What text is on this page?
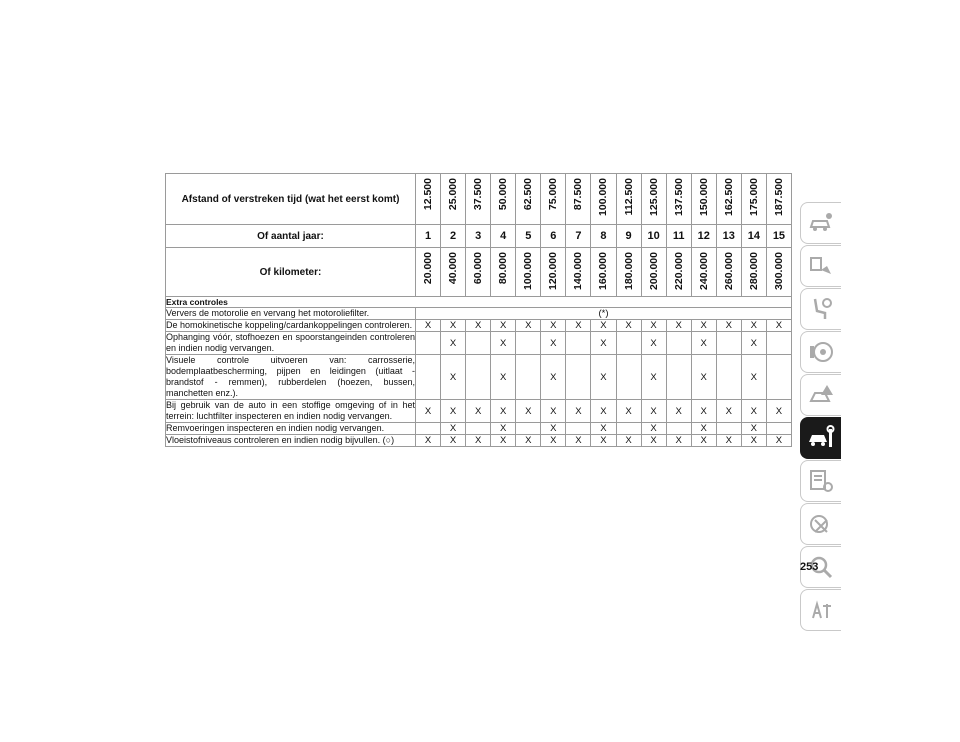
Afstand of verstreken tijd (wat het eerst komt)	12.500	25.000	37.500	50.000	62.500	75.000	87.500	100.000	112.500	125.000	137.500	150.000	162.500	175.000	187.500

Of aantal jaar:	1	2	3	4	5	6	7	8	9	10	11	12	13	14	15
Of kilometer:	20.000	40.000	60.000	80.000	100.000	120.000	140.000	160.000	180.000	200.000	220.000	240.000	260.000	280.000	300.000

Extra controles															
Ververs de motorolie en vervang het motoroliefilter.	(*)														
De homokinetische koppeling/cardankoppelingen controleren.	X	X	X	X	X	X	X	X	X	X	X	X	X	X	X
Ophanging vóór, stofhoezen en spoorstangeinden controleren en indien nodig vervangen.		X		X		X		X		X		X		X	
Visuele controle uitvoeren van: carrosserie, bodemplaatbescherming, pijpen en leidingen (uitlaat - brandstof - remmen), rubberdelen (hoezen, bussen, manchetten enz.).		X		X		X		X		X		X		X	
Bij gebruik van de auto in een stoffige omgeving of in het terrein: luchtfilter inspecteren en indien nodig vervangen.	X	X	X	X	X	X	X	X	X	X	X	X	X	X	X
Remvoeringen inspecteren en indien nodig vervangen.		X		X		X		X		X		X		X	
Vloeistofniveaus controleren en indien nodig bijvullen. (○)	X	X	X	X	X	X	X	X	X	X	X	X	X	X	X
253
